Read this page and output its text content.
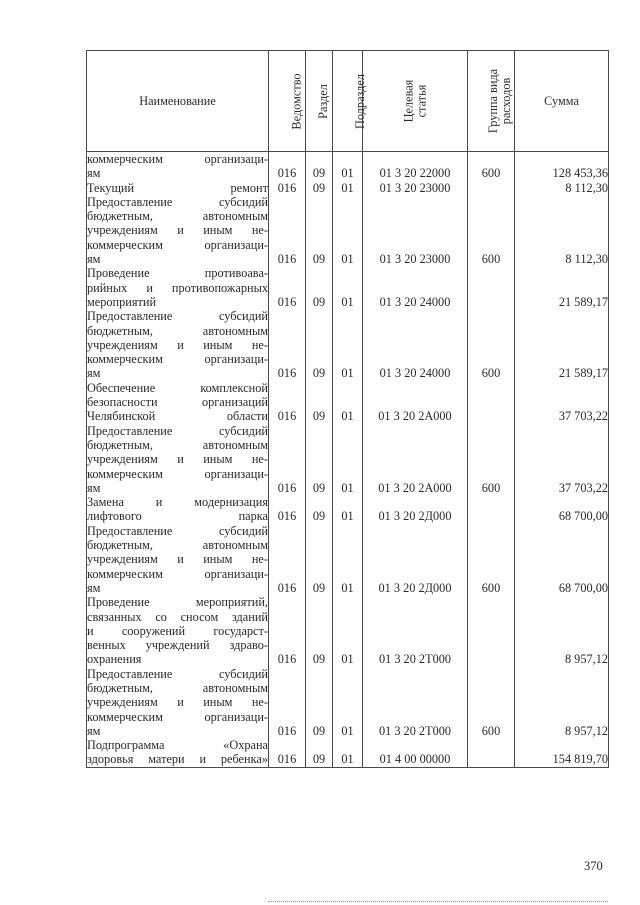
Наименование	Ведомство	Раздел	Подраздел	Целевая
статья	Группа вида
расходов	Сумма

коммерческим организаци-
ям	016	09	01	01 3 20 22000	600	128 453,36

Текущий ремонт	016	09	01	01 3 20 23000		8 112,30

Предоставление субсидий
бюджетным, автономным
учреждениям и иным не-
коммерческим организаци-
ям	016	09	01	01 3 20 23000	600	8 112,30

Проведение противоава-
рийных и противопожарных
мероприятий	016	09	01	01 3 20 24000		21 589,17

Предоставление субсидий
бюджетным, автономным
учреждениям и иным не-
коммерческим организаци-
ям	016	09	01	01 3 20 24000	600	21 589,17

Обеспечение комплексной
безопасности организаций
Челябинской области	016	09	01	01 3 20 2А000		37 703,22

Предоставление субсидий
бюджетным, автономным
учреждениям и иным не-
коммерческим организаци-
ям	016	09	01	01 3 20 2А000	600	37 703,22

Замена и модернизация
лифтового парка	016	09	01	01 3 20 2Д000		68 700,00

Предоставление субсидий
бюджетным, автономным
учреждениям и иным не-
коммерческим организаци-
ям	016	09	01	01 3 20 2Д000	600	68 700,00

Проведение мероприятий,
связанных со сносом зданий
и сооружений государст-
венных учреждений здраво-
охранения	016	09	01	01 3 20 2Т000		8 957,12

Предоставление субсидий
бюджетным, автономным
учреждениям и иным не-
коммерческим организаци-
ям	016	09	01	01 3 20 2Т000	600	8 957,12

Подпрограмма «Охрана
здоровья матери и ребенка»	016	09	01	01 4 00 00000		154 819,70
370
